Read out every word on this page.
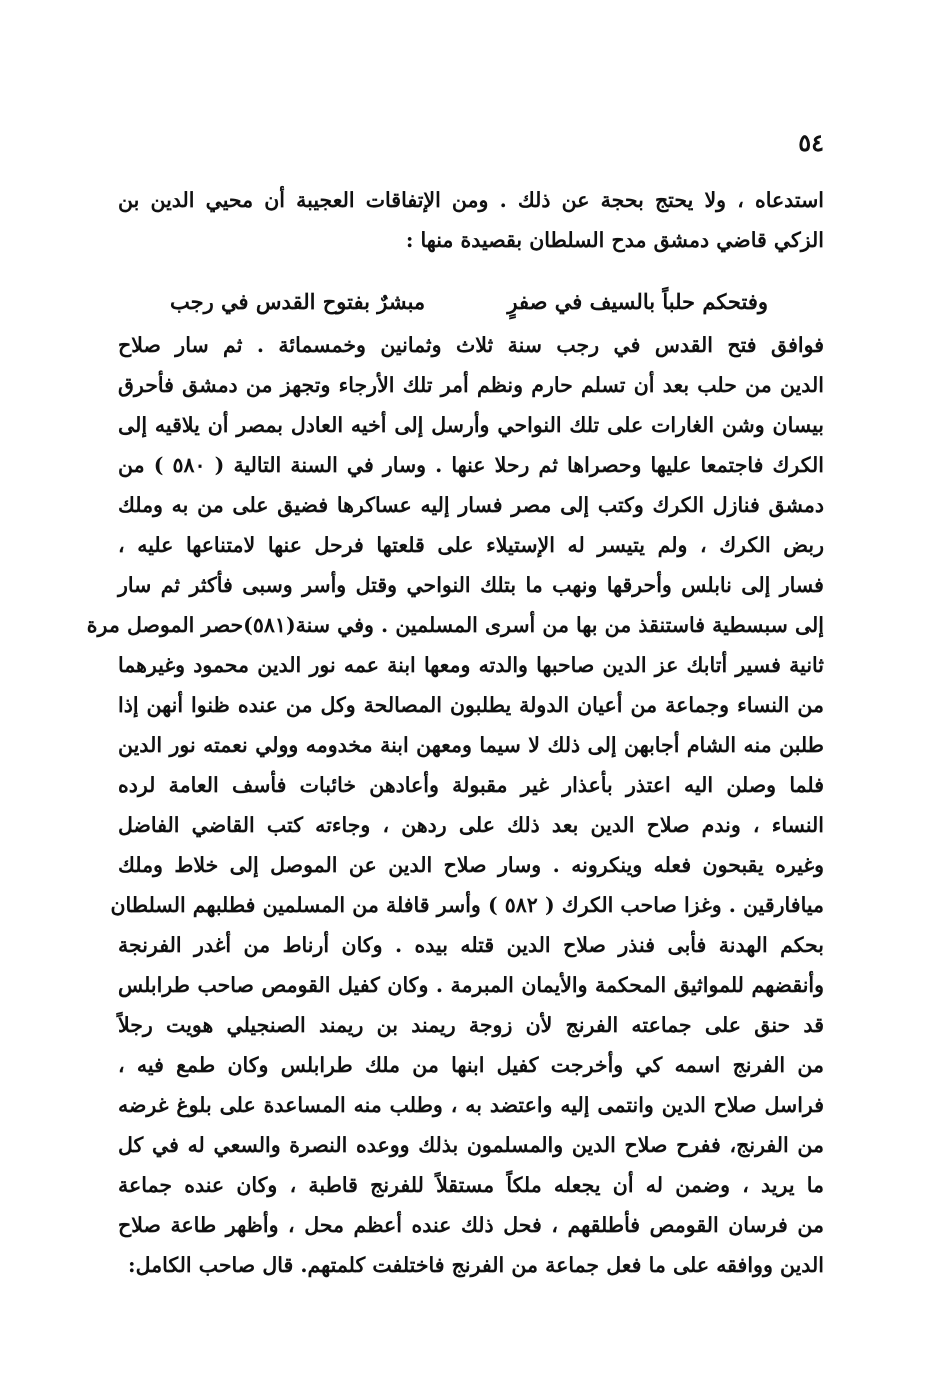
٥٤
استدعاه ، ولا يحتج بحجة عن ذلك . ومن الإتفاقات العجيبة أن محيي الدين بن
الزكي قاضي دمشق مدح السلطان بقصيدة منها :
وفتحكم حلباً بالسيف في صفرٍ
مبشرٌ بفتوح القدس في رجب
فوافق فتح القدس في رجب سنة ثلاث وثمانين وخمسمائة . ثم سار صلاح
الدين من حلب بعد أن تسلم حارم ونظم أمر تلك الأرجاء وتجهز من دمشق فأحرق
بيسان وشن الغارات على تلك النواحي وأرسل إلى أخيه العادل بمصر أن يلاقيه إلى
الكرك فاجتمعا عليها وحصراها ثم رحلا عنها . وسار في السنة التالية ( ٥٨٠ ) من
دمشق فنازل الكرك وكتب إلى مصر فسار إليه عساكرها فضيق على من به وملك
ربض الكرك ، ولم يتيسر له الإستيلاء على قلعتها فرحل عنها لامتناعها عليه ،
فسار إلى نابلس وأحرقها ونهب ما بتلك النواحي وقتل وأسر وسبى فأكثر ثم سار
إلى سبسطية فاستنقذ من بها من أسرى المسلمين . وفي سنة(٥٨١)حصر الموصل مرة
ثانية فسير أتابك عز الدين صاحبها والدته ومعها ابنة عمه نور الدين محمود وغيرهما
من النساء وجماعة من أعيان الدولة يطلبون المصالحة وكل من عنده ظنوا أنهن إذا
طلبن منه الشام أجابهن إلى ذلك لا سيما ومعهن ابنة مخدومه وولي نعمته نور الدين
فلما وصلن اليه اعتذر بأعذار غير مقبولة وأعادهن خائبات فأسف العامة لرده
النساء ، وندم صلاح الدين بعد ذلك على ردهن ، وجاءته كتب القاضي الفاضل
وغيره يقبحون فعله وينكرونه . وسار صلاح الدين عن الموصل إلى خلاط وملك
ميافارقين . وغزا صاحب الكرك ( ٥٨٢ ) وأسر قافلة من المسلمين فطلبهم السلطان
بحكم الهدنة فأبى فنذر صلاح الدين قتله بيده . وكان أرناط من أغدر الفرنجة
وأنقضهم للمواثيق المحكمة والأيمان المبرمة . وكان كفيل القومص صاحب طرابلس
قد حنق على جماعته الفرنج لأن زوجة ريمند بن ريمند الصنجيلي هويت رجلاً
من الفرنج اسمه كي وأخرجت كفيل ابنها من ملك طرابلس وكان طمع فيه ،
فراسل صلاح الدين وانتمى إليه واعتضد به ، وطلب منه المساعدة على بلوغ غرضه
من الفرنج، ففرح صلاح الدين والمسلمون بذلك ووعده النصرة والسعي له في كل
ما يريد ، وضمن له أن يجعله ملكاً مستقلاً للفرنج قاطبة ، وكان عنده جماعة
من فرسان القومص فأطلقهم ، فحل ذلك عنده أعظم محل ، وأظهر طاعة صلاح
الدين ووافقه على ما فعل جماعة من الفرنج فاختلفت كلمتهم. قال صاحب الكامل:
